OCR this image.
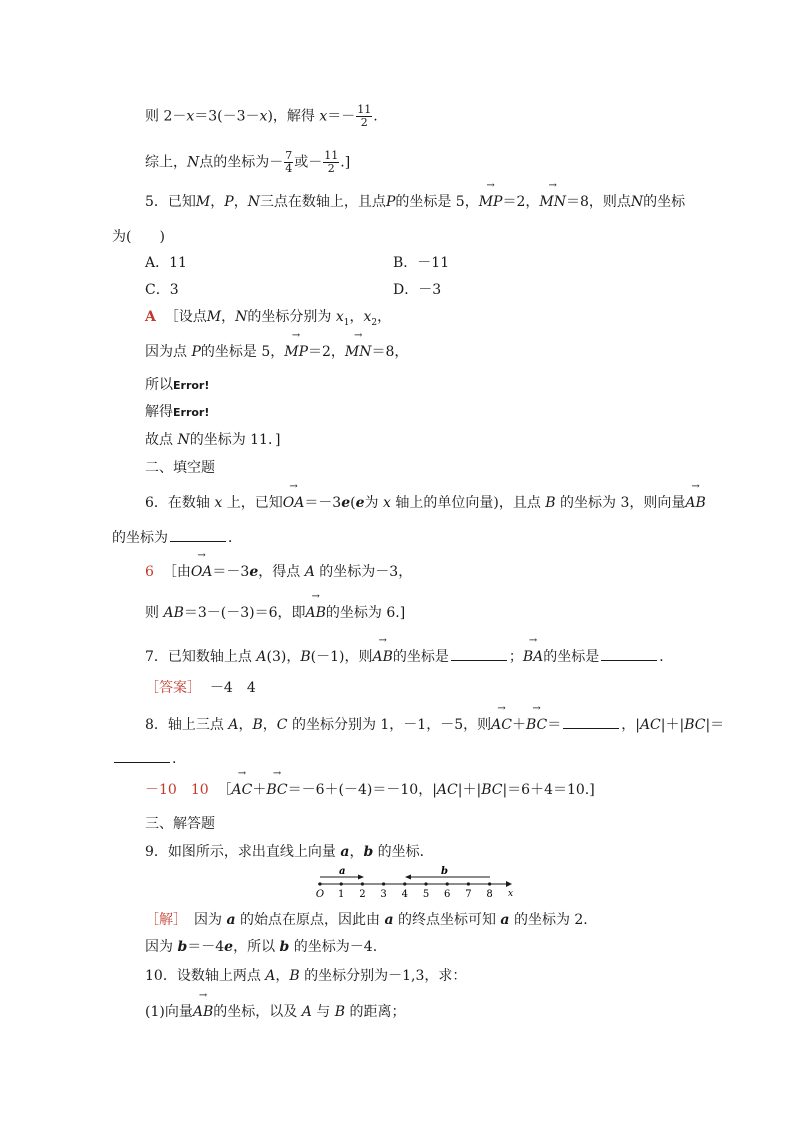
则 2－x＝3(－3－x)，解得 $x=- \frac{11}{2}$ .
综上，N点的坐标为－ $\frac{7}{4}$ 或－ $\frac{11}{2}$ .]
5．已知M，P，N三点在数轴上，且点P的坐标是 5，→ MP＝2，→ MN＝8，则点N的坐标
为(　　)
A．11	B．－11
C．3	D．－3
A ［设点M，N的坐标分别为 $x_1$，$x_2$，
因为点 P的坐标是 5，→ MP＝2，→ MN＝8，
所以Error!
解得Error!
故点 N的坐标为 11．]
二、填空题
6．在数轴 x 上，已知→ OA＝－3e(e为 x 轴上的单位向量)，且点 B 的坐标为 3，则向量→ AB
的坐标为	．
6 ［由→ OA＝－3e，得点 A 的坐标为－3，
则 AB＝3－(－3)＝6，即→ AB的坐标为 6.]
7．已知数轴上点 A(3)，B(－1)，则→ AB的坐标是	；→ BA的坐标是	．
［答案］ －4　4
8．轴上三点 A，B，C 的坐标分别为 1，－1，－5，则→ AC＋→ BC＝	，|AC|＋|BC|＝
.
－10　10 ［→ AC＋→ BC＝－6＋(－4)＝－10，|AC|＋|BC|＝6＋4＝10.]
三、解答题
9．如图所示，求出直线上向量 a，b 的坐标．
O 1 2 3 4 5 6 7 8
a	b
x
［解］　因为 a 的始点在原点，因此由 a 的终点坐标可知 a 的坐标为 2.
因为 b＝－4e，所以 b 的坐标为－4.
10．设数轴上两点 A，B 的坐标分别为－1,3，求：
(1)向量→ AB的坐标，以及 A 与 B 的距离；
